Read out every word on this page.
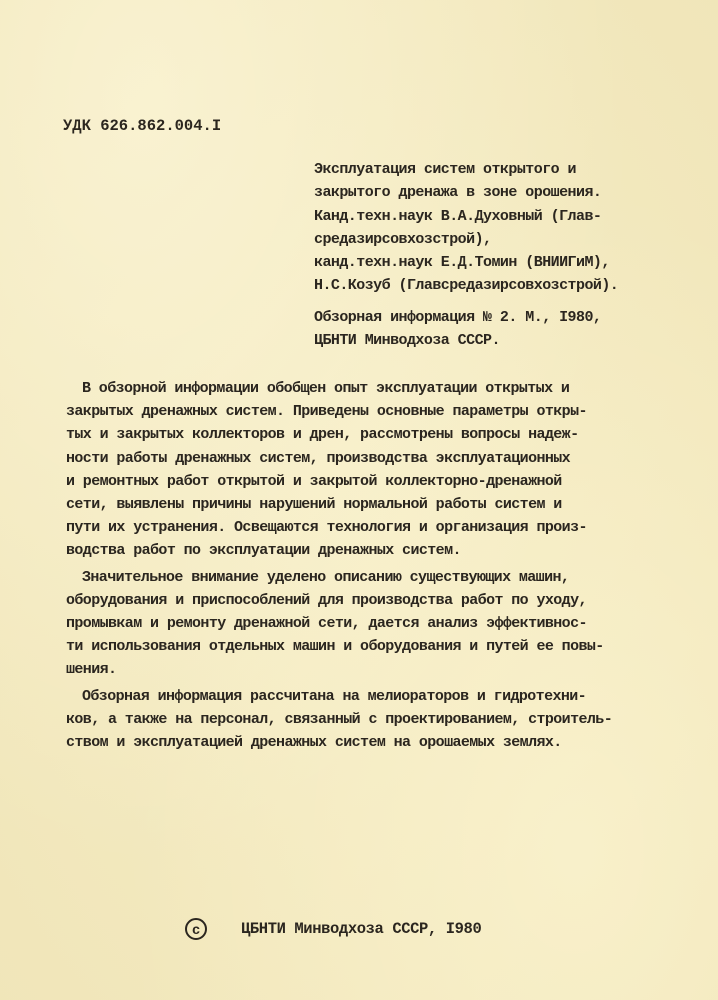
УДК 626.862.004.I
Эксплуатация систем открытого и
закрытого дренажа в зоне орошения.
Канд.техн.наук В.А.Духовный (Глав-
средазирсовхозстрой),
канд.техн.наук Е.Д.Томин (ВНИИГиМ),
Н.С.Козуб (Главсредазирсовхозстрой).
Обзорная информация № 2. М., I980,
ЦБНТИ Минводхоза СССР.
В обзорной информации обобщен опыт эксплуатации открытых и
закрытых дренажных систем. Приведены основные параметры откры-
тых и закрытых коллекторов и дрен, рассмотрены вопросы надеж-
ности работы дренажных систем, производства эксплуатационных
и ремонтных работ открытой и закрытой коллекторно-дренажной
сети, выявлены причины нарушений нормальной работы систем и
пути их устранения. Освещаются технология и организация произ-
водства работ по эксплуатации дренажных систем.
Значительное внимание уделено описанию существующих машин,
оборудования и приспособлений для производства работ по уходу,
промывкам и ремонту дренажной сети, дается анализ эффективнос-
ти использования отдельных машин и оборудования и путей ее повы-
шения.
Обзорная информация рассчитана на мелиораторов и гидротехни-
ков, а также на персонал, связанный с проектированием, строитель-
ством и эксплуатацией дренажных систем на орошаемых землях.
c	ЦБНТИ Минводхоза СССР, I980
